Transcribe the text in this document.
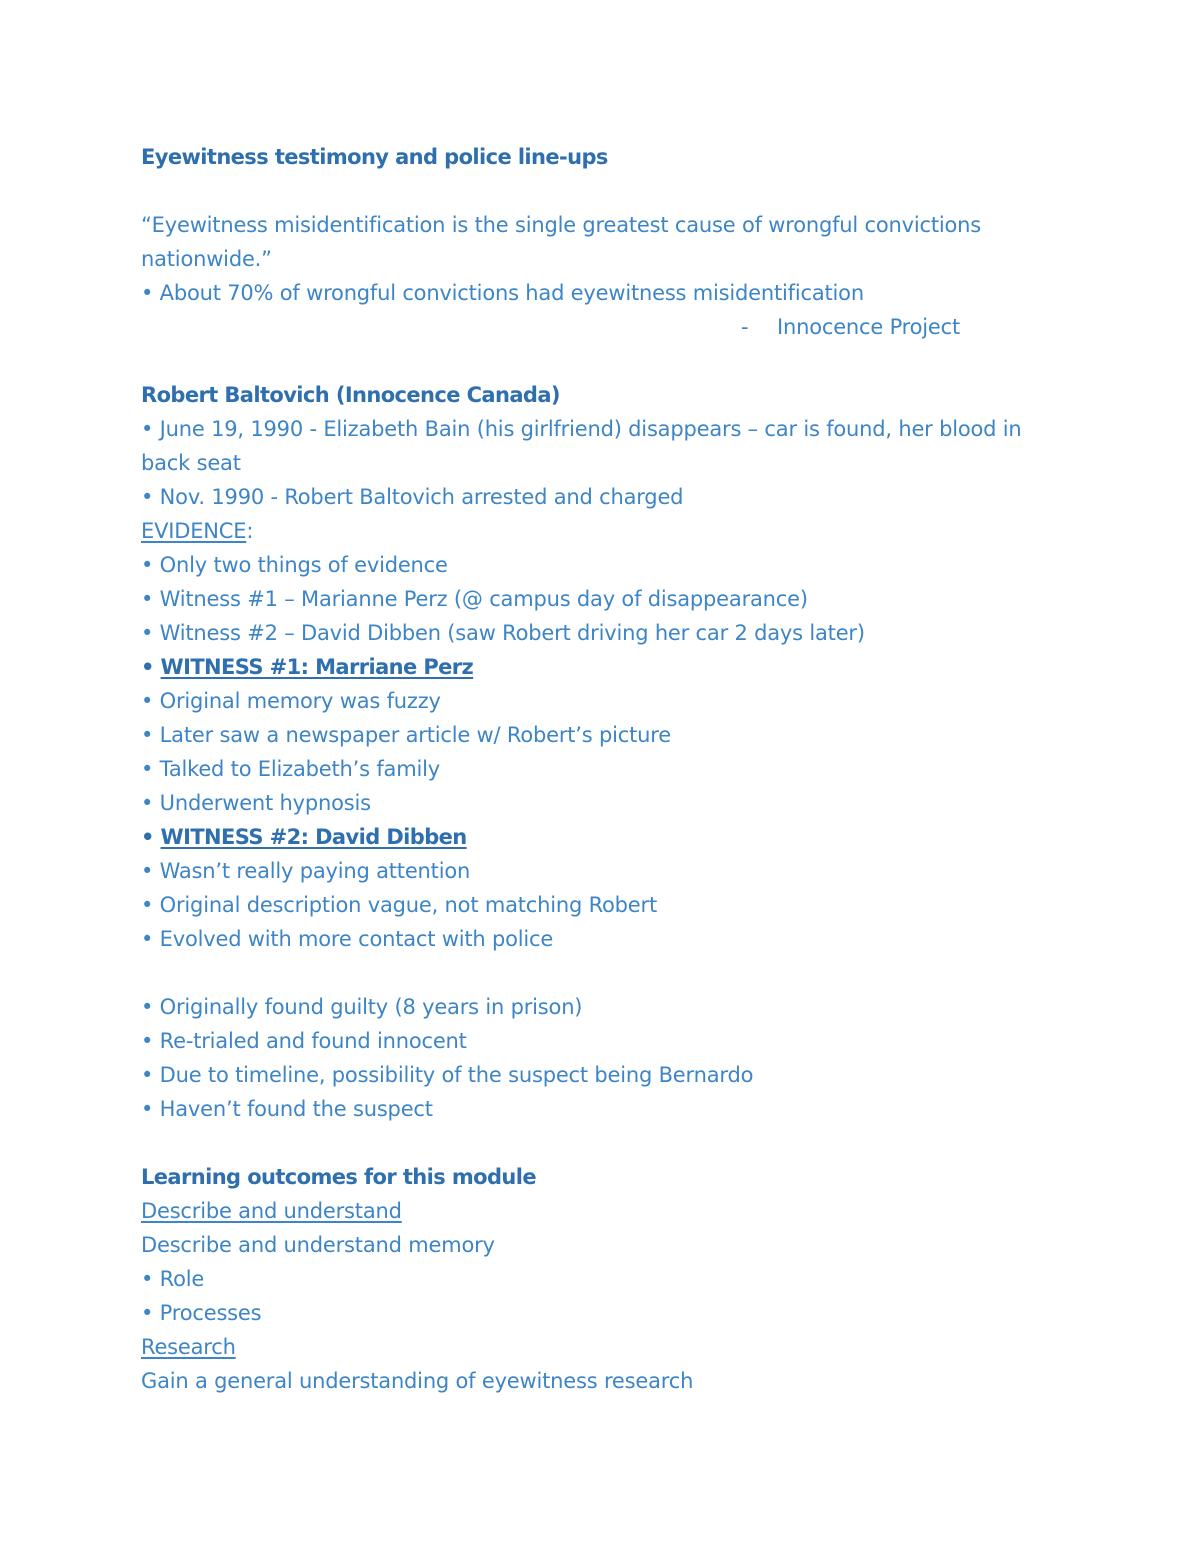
Eyewitness testimony and police line-ups
“Eyewitness misidentification is the single greatest cause of wrongful convictions nationwide.”
• About 70% of wrongful convictions had eyewitness misidentification
- Innocence Project
Robert Baltovich (Innocence Canada)
• June 19, 1990 - Elizabeth Bain (his girlfriend) disappears – car is found, her blood in back seat
• Nov. 1990 - Robert Baltovich arrested and charged
EVIDENCE:
• Only two things of evidence
• Witness #1 – Marianne Perz (@ campus day of disappearance)
• Witness #2 – David Dibben (saw Robert driving her car 2 days later)
• WITNESS #1: Marriane Perz
• Original memory was fuzzy
• Later saw a newspaper article w/ Robert’s picture
• Talked to Elizabeth’s family
• Underwent hypnosis
• WITNESS #2: David Dibben
• Wasn’t really paying attention
• Original description vague, not matching Robert
• Evolved with more contact with police
• Originally found guilty (8 years in prison)
• Re-trialed and found innocent
• Due to timeline, possibility of the suspect being Bernardo
• Haven’t found the suspect
Learning outcomes for this module
Describe and understand
Describe and understand memory
• Role
• Processes
Research
Gain a general understanding of eyewitness research
